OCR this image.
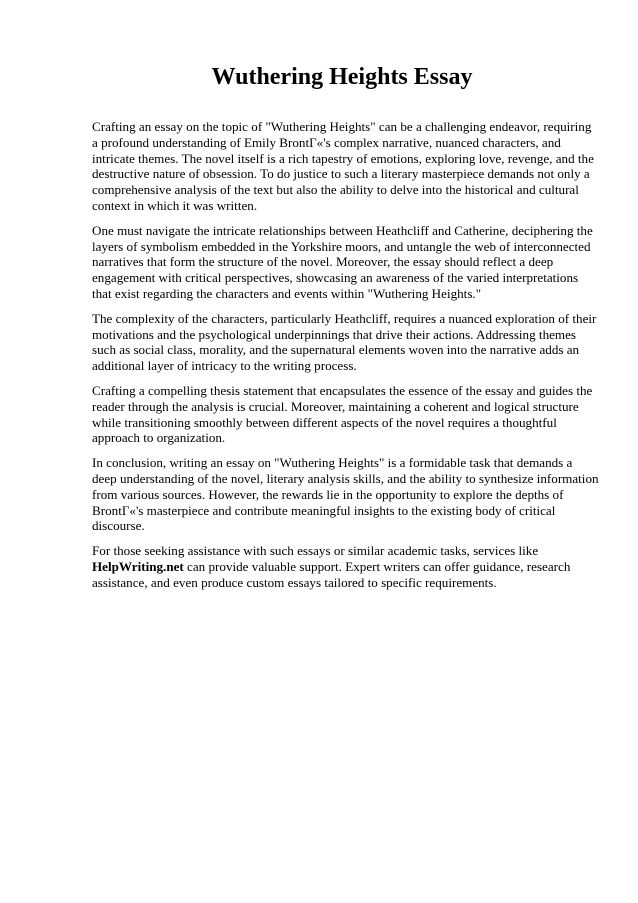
Wuthering Heights Essay

Crafting an essay on the topic of "Wuthering Heights" can be a challenging endeavor, requiring a profound understanding of Emily BrontΓ«'s complex narrative, nuanced characters, and intricate themes. The novel itself is a rich tapestry of emotions, exploring love, revenge, and the destructive nature of obsession. To do justice to such a literary masterpiece demands not only a comprehensive analysis of the text but also the ability to delve into the historical and cultural context in which it was written.

One must navigate the intricate relationships between Heathcliff and Catherine, deciphering the layers of symbolism embedded in the Yorkshire moors, and untangle the web of interconnected narratives that form the structure of the novel. Moreover, the essay should reflect a deep engagement with critical perspectives, showcasing an awareness of the varied interpretations that exist regarding the characters and events within "Wuthering Heights."

The complexity of the characters, particularly Heathcliff, requires a nuanced exploration of their motivations and the psychological underpinnings that drive their actions. Addressing themes such as social class, morality, and the supernatural elements woven into the narrative adds an additional layer of intricacy to the writing process.

Crafting a compelling thesis statement that encapsulates the essence of the essay and guides the reader through the analysis is crucial. Moreover, maintaining a coherent and logical structure while transitioning smoothly between different aspects of the novel requires a thoughtful approach to organization.

In conclusion, writing an essay on "Wuthering Heights" is a formidable task that demands a deep understanding of the novel, literary analysis skills, and the ability to synthesize information from various sources. However, the rewards lie in the opportunity to explore the depths of BrontΓ«'s masterpiece and contribute meaningful insights to the existing body of critical discourse.

For those seeking assistance with such essays or similar academic tasks, services like HelpWriting.net can provide valuable support. Expert writers can offer guidance, research assistance, and even produce custom essays tailored to specific requirements.
